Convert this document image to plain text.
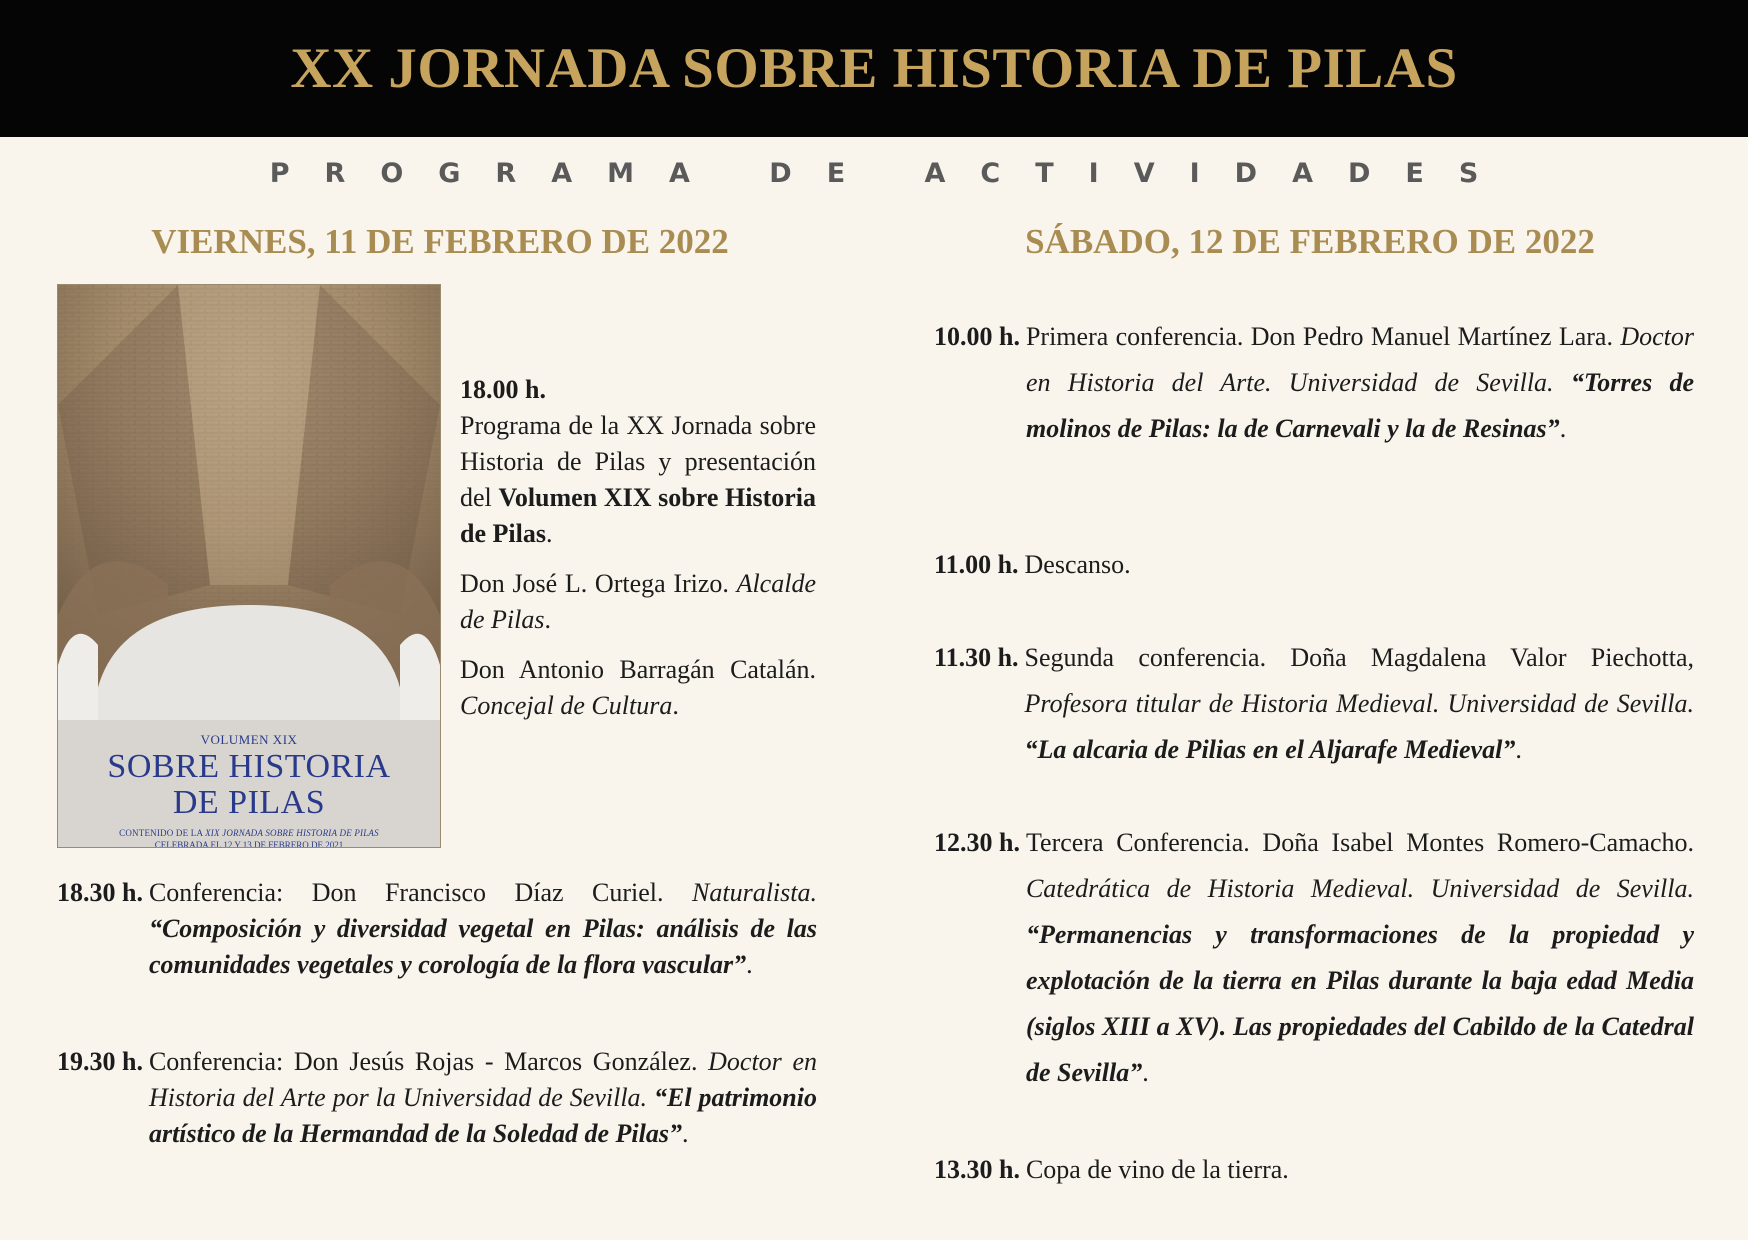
XX JORNADA SOBRE HISTORIA DE PILAS
PROGRAMA DE ACTIVIDADES
VIERNES, 11 DE FEBRERO DE 2022	SÁBADO, 12 DE FEBRERO DE 2022
VOLUMEN XIX
SOBRE HISTORIA
DE PILAS
CONTENIDO DE LA XIX JORNADA SOBRE HISTORIA DE PILAS
CELEBRADA EL 12 Y 13 DE FEBRERO DE 2021
18.00 h.
Programa de la XX Jornada sobre Historia de Pilas y presentación del Volumen XIX sobre Historia de Pilas.
Don José L. Ortega Irizo. Alcalde de Pilas.
Don Antonio Barragán Catalán. Concejal de Cultura.
18.30 h. Conferencia: Don Francisco Díaz Curiel. Naturalista. “Composición y diversidad vegetal en Pilas: análisis de las comunidades vegetales y corología de la flora vascular”.
19.30 h. Conferencia: Don Jesús Rojas - Marcos González. Doctor en Historia del Arte por la Universidad de Sevilla. “El patrimonio artístico de la Hermandad de la Soledad de Pilas”.
10.00 h. Primera conferencia. Don Pedro Manuel Martínez Lara. Doctor en Historia del Arte. Universidad de Sevilla. “Torres de molinos de Pilas: la de Carnevali y la de Resinas”.
11.00 h. Descanso.
11.30 h. Segunda conferencia. Doña Magdalena Valor Piechotta, Profesora titular de Historia Medieval. Universidad de Sevilla. “La alcaria de Pilias en el Aljarafe Medieval”.
12.30 h. Tercera Conferencia. Doña Isabel Montes Romero-Camacho. Catedrática de Historia Medieval. Universidad de Sevilla. “Permanencias y transformaciones de la propiedad y explotación de la tierra en Pilas durante la baja edad Media (siglos XIII a XV). Las propiedades del Cabildo de la Catedral de Sevilla”.
13.30 h. Copa de vino de la tierra.
